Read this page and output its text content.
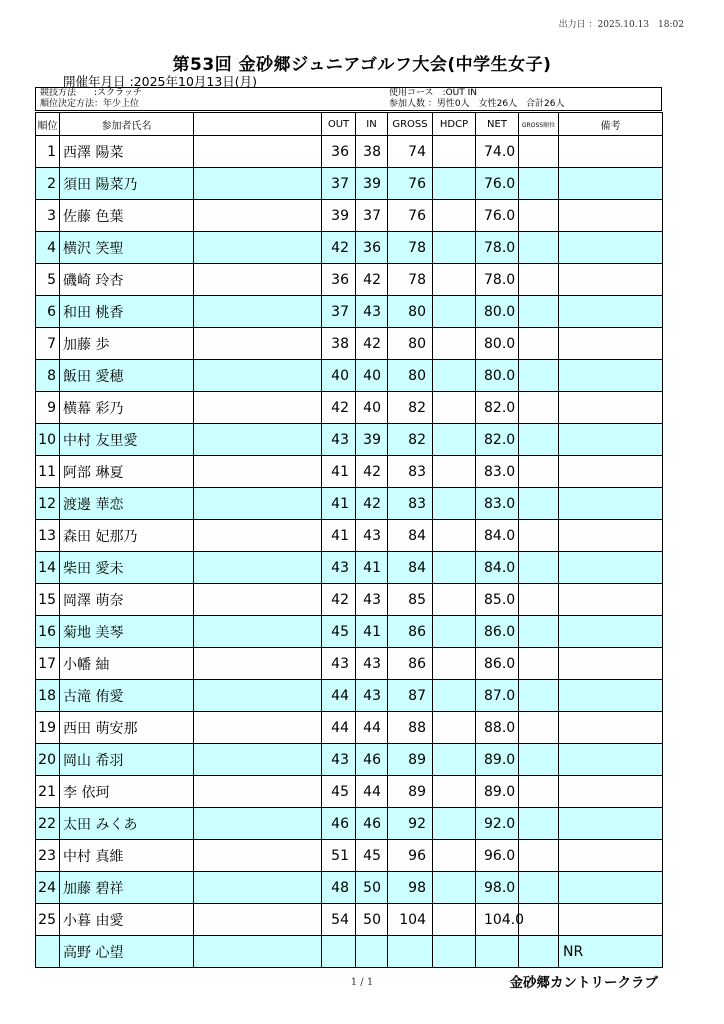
出力日 ：2025.10.13　18:02
第53回 金砂郷ジュニアゴルフ大会(中学生女子)
開催年月日 :2025年10月13日(月)
競技方法　　:スクラッチ
順位決定方法：年少上位
使用コース　:OUT IN
参加人数 ：男性0人　女性26人　合計26人
順位	参加者氏名		OUT	IN	GROSS	HDCP	NET	GROSS順位	備考
1	西澤 陽菜		36	38	74		74.0		
2	須田 陽菜乃		37	39	76		76.0		
3	佐藤 色葉		39	37	76		76.0		
4	横沢 笑聖		42	36	78		78.0		
5	磯崎 玲杏		36	42	78		78.0		
6	和田 桃香		37	43	80		80.0		
7	加藤 歩		38	42	80		80.0		
8	飯田 愛穂		40	40	80		80.0		
9	横幕 彩乃		42	40	82		82.0		
10	中村 友里愛		43	39	82		82.0		
11	阿部 琳夏		41	42	83		83.0		
12	渡邊 華恋		41	42	83		83.0		
13	森田 妃那乃		41	43	84		84.0		
14	柴田 愛未		43	41	84		84.0		
15	岡澤 萌奈		42	43	85		85.0		
16	菊地 美琴		45	41	86		86.0		
17	小幡 紬		43	43	86		86.0		
18	古滝 侑愛		44	43	87		87.0		
19	西田 萌安那		44	44	88		88.0		
20	岡山 希羽		43	46	89		89.0		
21	李 依珂		45	44	89		89.0		
22	太田 みくあ		46	46	92		92.0		
23	中村 真維		51	45	96		96.0		
24	加藤 碧祥		48	50	98		98.0		
25	小暮 由愛		54	50	104		104.0		
	高野 心望								NR
1 / 1	金砂郷カントリークラブ
